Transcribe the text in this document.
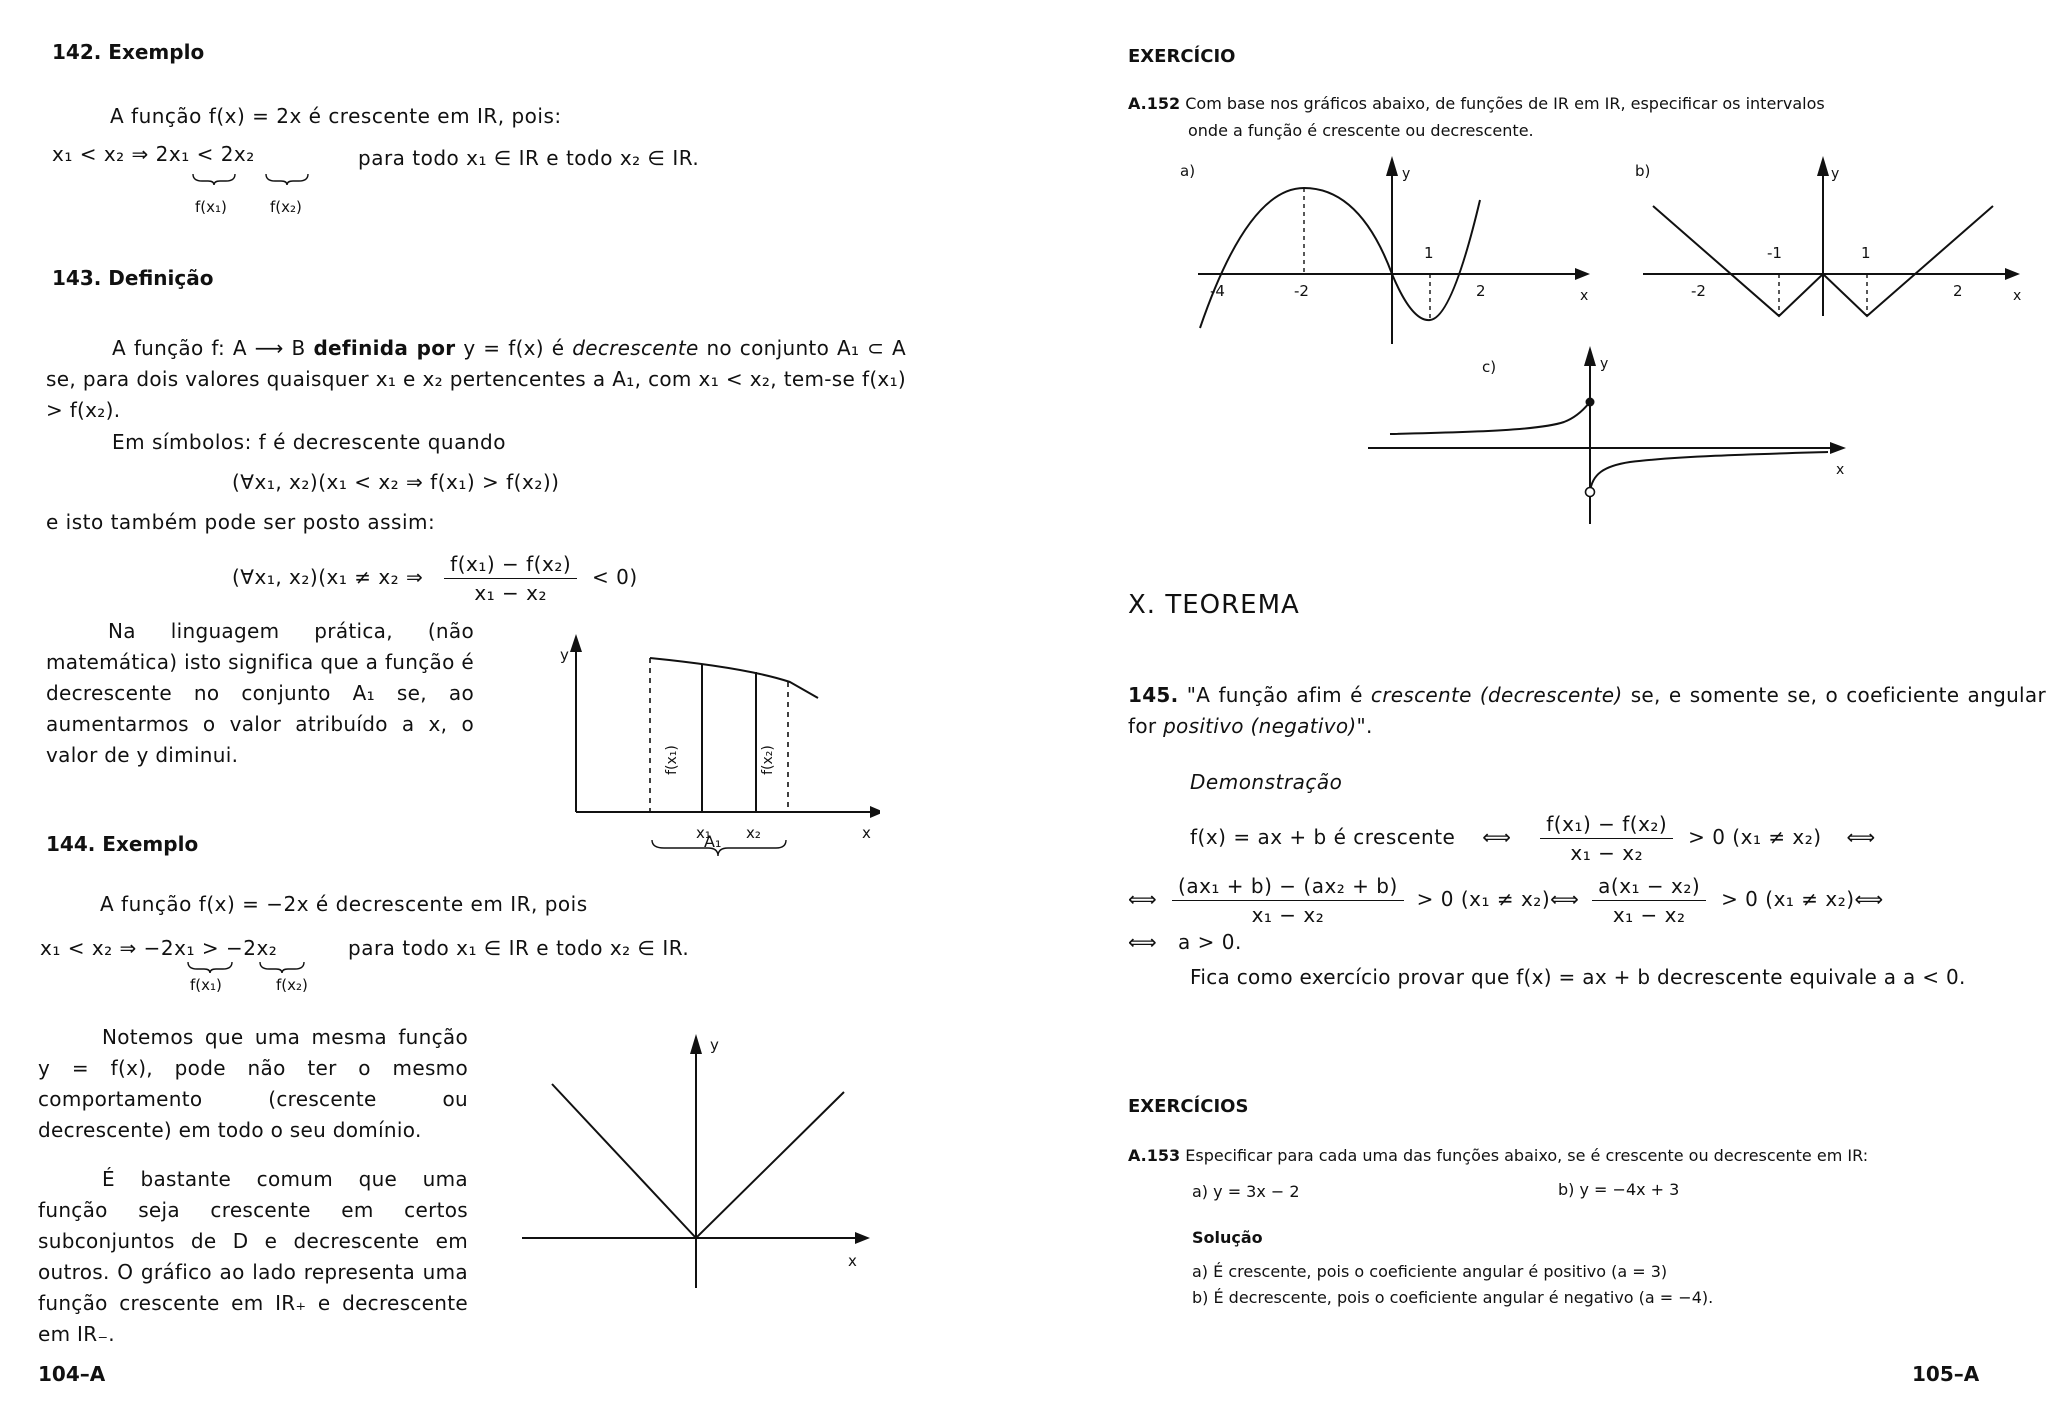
142. Exemplo
A função f(x) = 2x é crescente em IR, pois:
x₁ < x₂ ⇒ 2x₁ < 2x₂	para todo x₁ ∈ IR e todo x₂ ∈ IR.
f(x₁)	f(x₂)
143. Definição
A função f: A ⟶ B definida por y = f(x) é decrescente no conjunto A₁ ⊂ A se, para dois valores quaisquer x₁ e x₂ pertencentes a A₁, com x₁ < x₂, tem-se f(x₁) > f(x₂).
Em símbolos: f é decrescente quando
(∀x₁, x₂)(x₁ < x₂ ⇒ f(x₁) > f(x₂))
e isto também pode ser posto assim:
(∀x₁, x₂)(x₁ ≠ x₂ ⇒ $\frac{\text{f(x₁) − f(x₂)}}{\text{x₁ − x₂}} < 0$)
Na linguagem prática, (não matemática) isto significa que a função é decrescente no conjunto A₁ se, ao aumentarmos o valor atribuído a x, o valor de y diminui.
y
x
f(x₁)	f(x₂)
x₁ x₂
A₁
144. Exemplo
A função f(x) = −2x é decrescente em IR, pois
x₁ < x₂ ⇒ −2x₁ > −2x₂	para todo x₁ ∈ IR e todo x₂ ∈ IR.
f(x₁)	f(x₂)
Notemos que uma mesma função y = f(x), pode não ter o mesmo comportamento (crescente ou decrescente) em todo o seu domínio.
É bastante comum que uma função seja crescente em certos subconjuntos de D e decrescente em outros. O gráfico ao lado representa uma função crescente em IR₊ e decrescente em IR₋.
y
x
104–A
EXERCÍCIO
A.152 Com base nos gráficos abaixo, de funções de IR em IR, especificar os intervalos
onde a função é crescente ou decrescente.
a)	y
x
-4	-2
1
2
b)	y
x
-2
-1	1
2
c)	y
x
X. TEOREMA
145. "A função afim é crescente (decrescente) se, e somente se, o coeficiente angular for positivo (negativo)".
Demonstração
f(x) = ax + b é crescente ⟺ $\frac{\text{f(x₁) − f(x₂)}}{\text{x₁ − x₂}} > 0$ (x₁ ≠ x₂) ⟺
⟺ $\frac{\text{(ax₁ + b) − (ax₂ + b)}}{\text{x₁ − x₂}} > 0$ (x₁ ≠ x₂)⟺ $\frac{\text{a(x₁ − x₂)}}{\text{x₁ − x₂}} > 0$ (x₁ ≠ x₂)⟺
⟺ a > 0.
Fica como exercício provar que f(x) = ax + b decrescente equivale a a < 0.
EXERCÍCIOS
A.153 Especificar para cada uma das funções abaixo, se é crescente ou decrescente em IR:
a) y = 3x − 2	b) y = −4x + 3
Solução
a) É crescente, pois o coeficiente angular é positivo (a = 3)
b) É decrescente, pois o coeficiente angular é negativo (a = −4).
105–A
